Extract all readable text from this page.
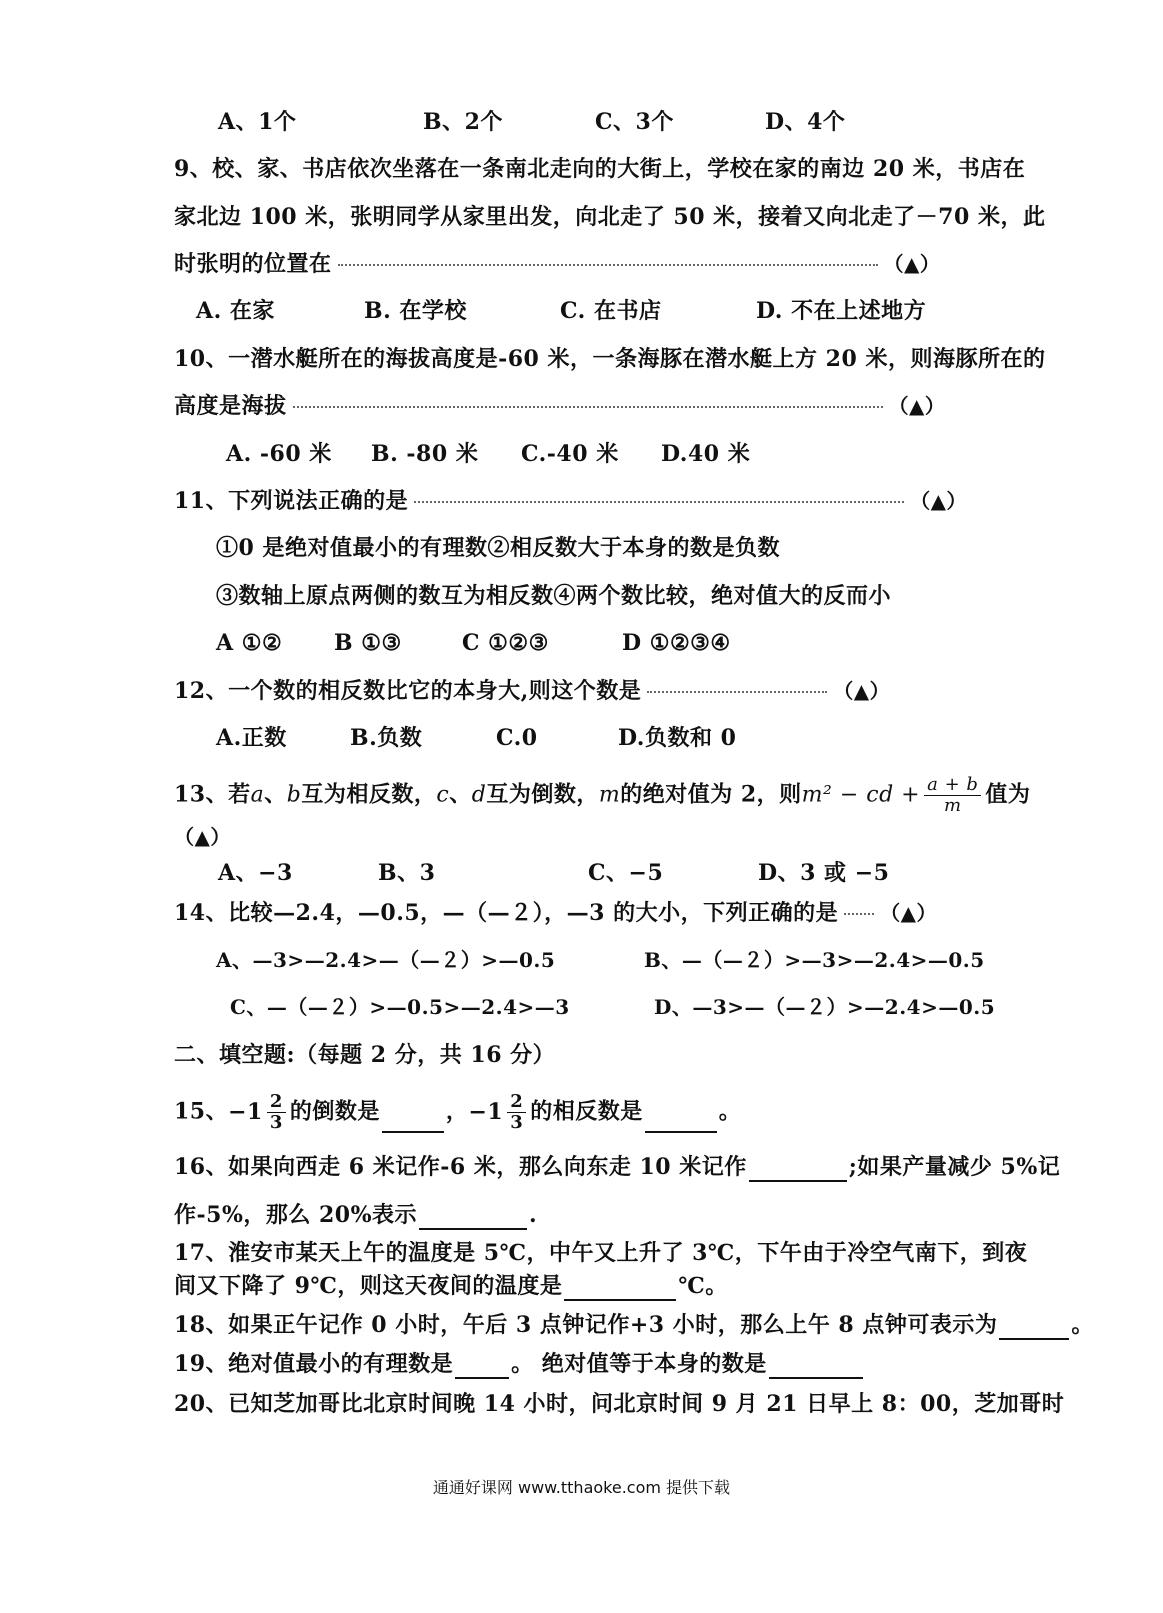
A、1个	B、2个	C、3个	D、4个
9、校、家、书店依次坐落在一条南北走向的大街上，学校在家的南边 20 米，书店在
家北边 100 米，张明同学从家里出发，向北走了 50 米，接着又向北走了－70 米，此
时张明的位置在	（▲）
A. 在家	B. 在学校	C. 在书店	D. 不在上述地方
10、一潜水艇所在的海拔高度是-60 米，一条海豚在潜水艇上方 20 米，则海豚所在的
高度是海拔	（▲）
A. -60 米 B. -80 米 C.-40 米 D.40 米
11、下列说法正确的是	（▲）
①0 是绝对值最小的有理数②相反数大于本身的数是负数
③数轴上原点两侧的数互为相反数④两个数比较，绝对值大的反而小
A ①② B ①③	C ①②③	D ①②③④
12、一个数的相反数比它的本身大,则这个数是	（▲）
A.正数	B.负数	C.0	D.负数和 0
13、若a、b互为相反数，c、d互为倒数，m的绝对值为 2，则m² − cd + $\frac{a + b}{m}$ 值为
（▲）
A、−3	B、3	C、−5	D、3 或 −5
14、比较—2.4，—0.5，—（—２），—3 的大小，下列正确的是 （▲）
A、—3>—2.4>—（—２）>—0.5	B、—（—２）>—3>—2.4>—0.5
C、—（—２）>—0.5>—2.4>—3	D、—3>—（—２）>—2.4>—0.5
二、填空题:（每题 2 分，共 16 分）
15、$-1 \frac{2}{3}$ 的倒数是	，$-1 \frac{2}{3}$ 的相反数是	。
16、如果向西走 6 米记作-6 米，那么向东走 10 米记作	;如果产量减少 5%记
作-5%，那么 20%表示	.
17、淮安市某天上午的温度是 5℃，中午又上升了 3℃，下午由于冷空气南下，到夜
间又下降了 9℃，则这天夜间的温度是	℃。
18、如果正午记作 0 小时，午后 3 点钟记作+3 小时，那么上午 8 点钟可表示为	。
19、绝对值最小的有理数是	。 绝对值等于本身的数是
20、已知芝加哥比北京时间晚 14 小时，问北京时间 9 月 21 日早上 8：00，芝加哥时
通通好课网 www.tthaoke.com 提供下载
